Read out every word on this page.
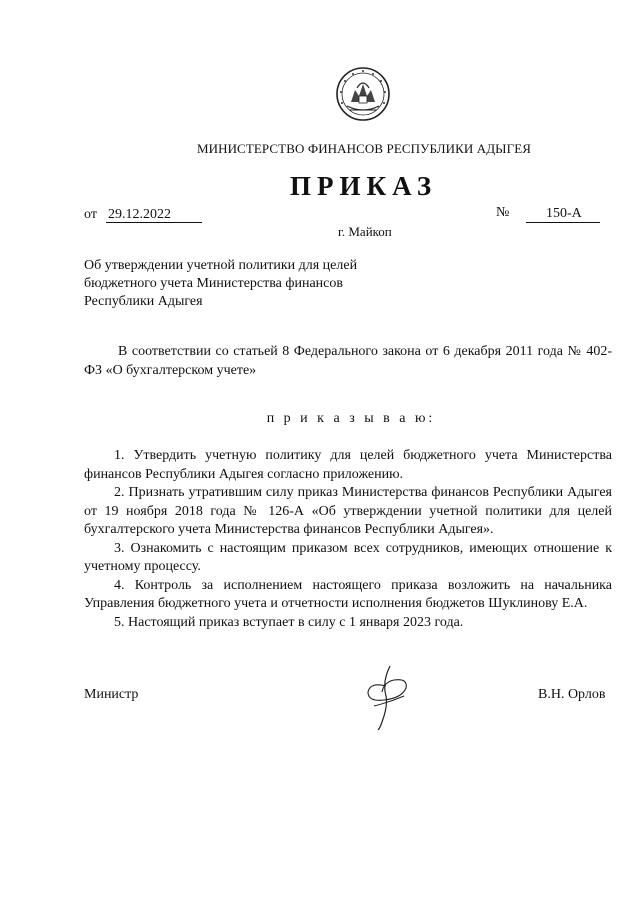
МИНИСТЕРСТВО ФИНАНСОВ РЕСПУБЛИКИ АДЫГЕЯ
ПРИКАЗ
от 29.12.2022	№	150-А
г. Майкоп
Об утверждении учетной политики для целей
бюджетного учета Министерства финансов
Республики Адыгея
В соответствии со статьей 8 Федерального закона от 6 декабря 2011 года № 402-ФЗ «О бухгалтерском учете»
п р и к а з ы в а ю:

1. Утвердить учетную политику для целей бюджетного учета Министерства финансов Республики Адыгея согласно приложению.

2. Признать утратившим силу приказ Министерства финансов Республики Адыгея от 19 ноября 2018 года № 126-А «Об утверждении учетной политики для целей бухгалтерского учета Министерства финансов Республики Адыгея».

3. Ознакомить с настоящим приказом всех сотрудников, имеющих отношение к учетному процессу.

4. Контроль за исполнением настоящего приказа возложить на начальника Управления бюджетного учета и отчетности исполнения бюджетов Шуклинову Е.А.

5. Настоящий приказ вступает в силу с 1 января 2023 года.

Министр	В.Н. Орлов
